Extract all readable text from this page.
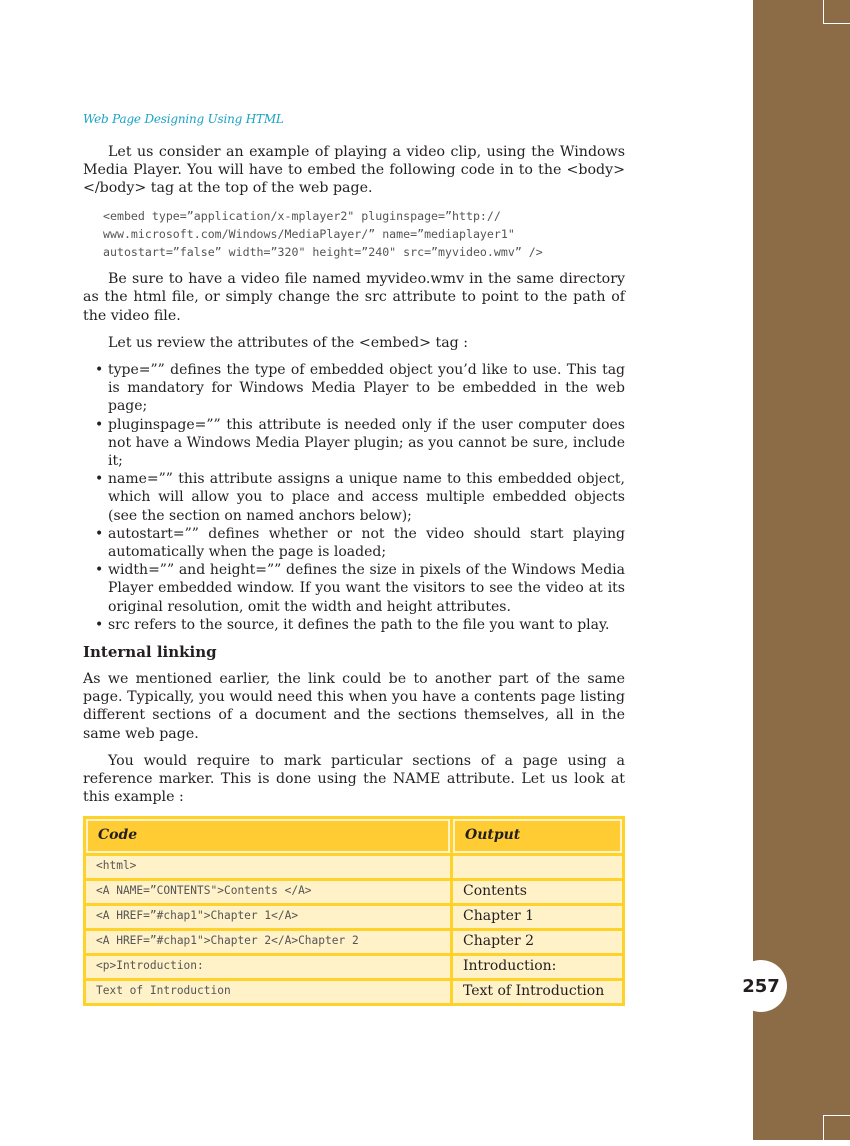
257
Web Page Designing Using HTML

Let us consider an example of playing a video clip, using the Windows Media Player. You will have to embed the following code in to the <body></body> tag at the top of the web page.

<embed type=”application/x-mplayer2" pluginspage=”http://
www.microsoft.com/Windows/MediaPlayer/” name=”mediaplayer1"
autostart=”false” width=”320" height=”240" src=”myvideo.wmv” />

Be sure to have a video file named myvideo.wmv in the same directory as the html file, or simply change the src attribute to point to the path of the video file.

Let us review the attributes of the <embed> tag :

• type=”” defines the type of embedded object you’d like to use. This tag is mandatory for Windows Media Player to be embedded in the web page;
• pluginspage=”” this attribute is needed only if the user computer does not have a Windows Media Player plugin; as you cannot be sure, include it;
• name=”” this attribute assigns a unique name to this embedded object, which will allow you to place and access multiple embedded objects (see the section on named anchors below);
• autostart=”” defines whether or not the video should start playing automatically when the page is loaded;
• width=”” and height=”” defines the size in pixels of the Windows Media Player embedded window. If you want the visitors to see the video at its original resolution, omit the width and height attributes.
• src refers to the source, it defines the path to the file you want to play.
Internal linking

As we mentioned earlier, the link could be to another part of the same page. Typically, you would need this when you have a contents page listing different sections of a document and the sections themselves, all in the same web page.

You would require to mark particular sections of a page using a reference marker. This is done using the NAME attribute. Let us look at this example :

Code	Output
<html>	
<A NAME=”CONTENTS">Contents </A>	Contents
<A HREF=”#chap1">Chapter 1</A>	Chapter 1
<A HREF=”#chap1">Chapter 2</A>Chapter 2	Chapter 2
<p>Introduction:	Introduction:
Text of Introduction	Text of Introduction
